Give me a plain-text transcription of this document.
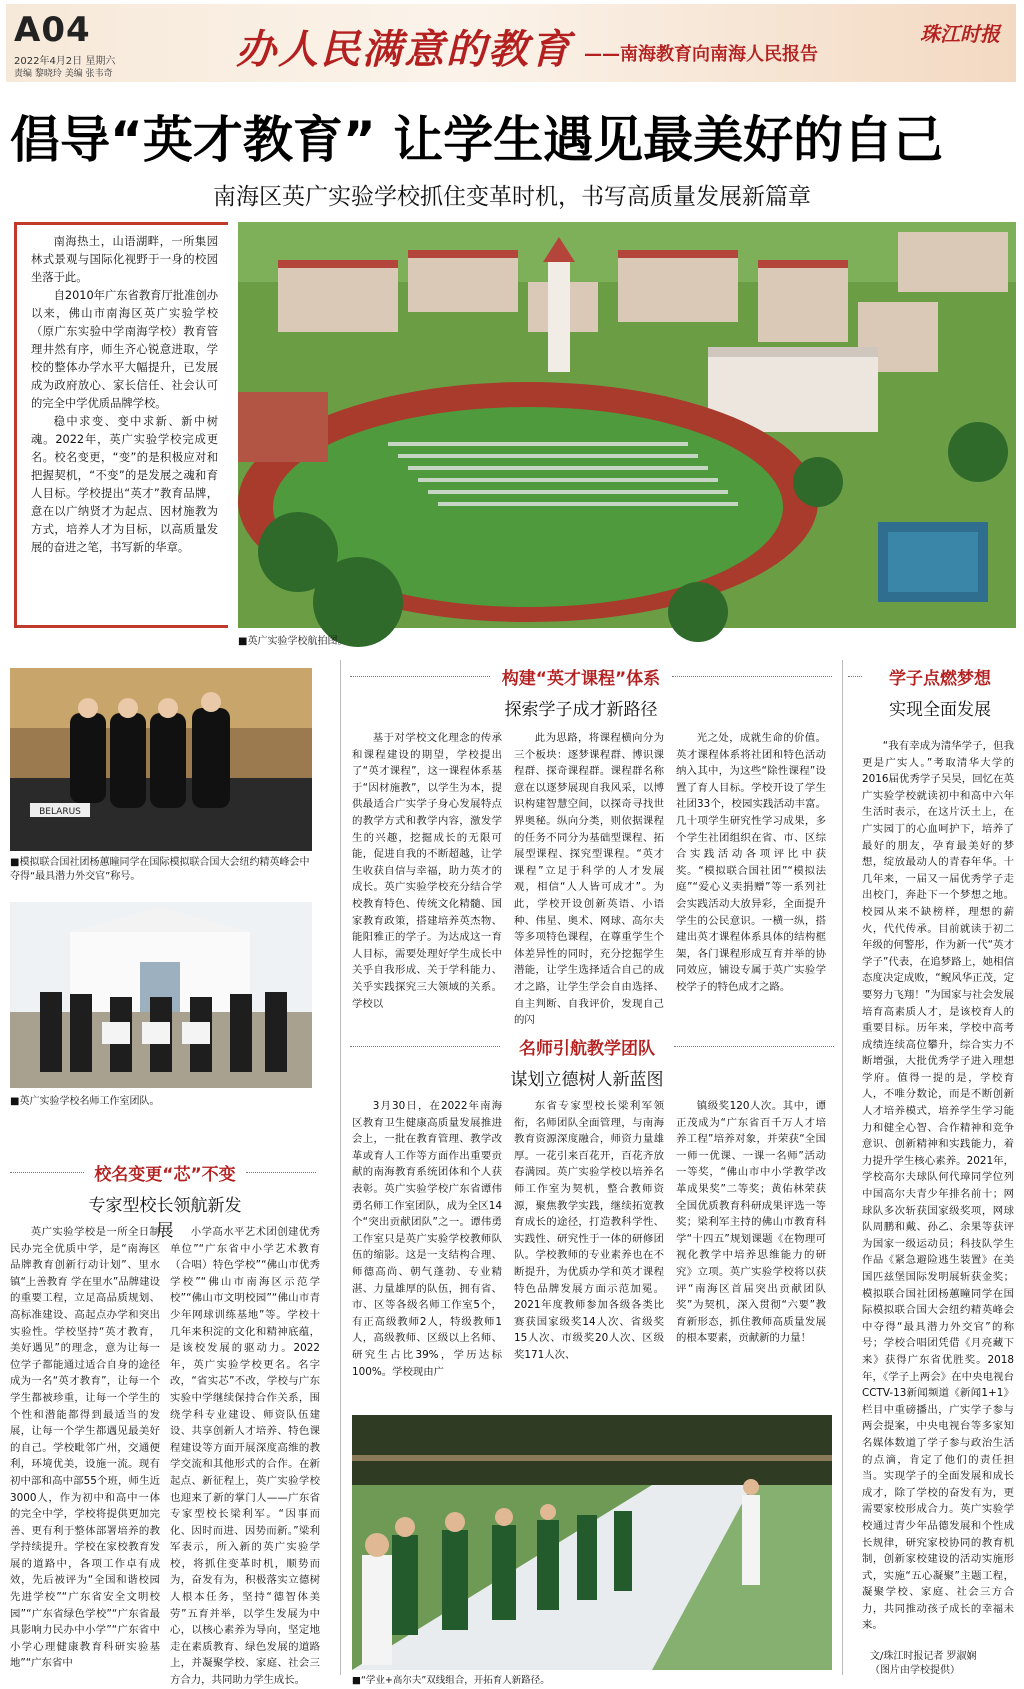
A04
2022年4月2日 星期六
责编 黎晓玲 美编 张韦奇
办人民满意的教育 ——南海教育向南海人民报告
珠江时报
倡导“英才教育” 让学生遇见最美好的自己
南海区英广实验学校抓住变革时机，书写高质量发展新篇章

南海热土，山语湖畔，一所集园林式景观与国际化视野于一身的校园坐落于此。

自2010年广东省教育厅批准创办以来，佛山市南海区英广实验学校（原广东实验中学南海学校）教育管理井然有序，师生齐心锐意进取，学校的整体办学水平大幅提升，已发展成为政府放心、家长信任、社会认可的完全中学优质品牌学校。

稳中求变、变中求新、新中树魂。2022年，英广实验学校完成更名。校名变更，“变”的是积极应对和把握契机，“不变”的是发展之魂和育人目标。学校提出“英才”教育品牌，意在以广纳贤才为起点、因材施教为方式，培养人才为目标，以高质量发展的奋进之笔，书写新的华章。

■英广实验学校航拍图。
BELARUS
■模拟联合国社团杨蕙瞳同学在国际模拟联合国大会纽约精英峰会中夺得“最具潜力外交官”称号。
■英广实验学校名师工作室团队。
构建“英才课程”体系
探索学子成才新路径

基于对学校文化理念的传承和课程建设的期望，学校提出了“英才课程”，这一课程体系基于“因材施教”，以学生为本，提供最适合广实学子身心发展特点的教学方式和教学内容，激发学生的兴趣，挖掘成长的无限可能，促进自我的不断超越，让学生收获自信与幸福，助力英才的成长。英广实验学校充分结合学校教育特色、传统文化精髓、国家教育政策，搭建培养英杰物、能阳雅正的学子。为达成这一育人目标，需要处理好学生成长中关乎自我形成、关于学科能力、关乎实践探究三大领域的关系。学校以

此为思路，将课程横向分为三个板块：逐梦课程群、博识课程群、探奇课程群。课程群名称意在以逐梦展现自我风采，以博识构建智慧空间，以探奇寻找世界奥秘。纵向分类，则依据课程的任务不同分为基础型课程、拓展型课程、探究型课程。“英才课程”立足于科学的人才发展观，相信“人人皆可成才”。为此，学校开设创新英语、小语种、伟星、奥术、网球、高尔夫等多项特色课程，在尊重学生个体差异性的同时，充分挖掘学生潜能，让学生选择适合自己的成才之路，让学生学会自由选择、自主判断、自我评价，发现自己的闪

光之处，成就生命的价值。英才课程体系将社团和特色活动纳入其中，为这些“除性课程”设置了育人目标。学校开设了学生社团33个，校园实践活动丰富。几十项学生研究性学习成果，多个学生社团组织在省、市、区综合实践活动各项评比中获奖。“模拟联合国社团”“模拟法庭”“爱心义卖捐赠”等一系列社会实践活动大放异彩，全面提升学生的公民意识。一横一纵，搭建出英才课程体系具体的结构框架，各门课程形成互育并举的协同效应，铺设专属于英广实验学校学子的特色成才之路。

名师引航教学团队
谋划立德树人新蓝图

3月30日，在2022年南海区教育卫生健康高质量发展推进会上，一批在教育管理、教学改革或育人工作等方面作出重要贡献的南海教育系统团体和个人获表彰。英广实验学校广东省谭伟勇名师工作室团队，成为全区14个“突出贡献团队”之一。谭伟勇工作室只是英广实验学校教师队伍的缩影。这是一支结构合理、师德高尚、朝气蓬勃、专业精湛、力量雄厚的队伍，拥有省、市、区等各级名师工作室5个，有正高级教师2人，特级教师1人，高级教师、区级以上名师、研究生占比39%，学历达标100%。学校现由广

东省专家型校长梁利军领衔，名师团队全面管理，与南海教育资源深度融合，师资力量雄厚。一花引来百花开，百花齐放春满园。英广实验学校以培养名师工作室为契机，整合教师资源，聚焦教学实践，继续拓宽教育成长的途径，打造教科学性、实践性、研究性于一体的研修团队。学校教师的专业素养也在不断提升，为优质办学和英才课程特色品牌发展方面示范加冕。2021年度教师参加各级各类比赛获国家级奖14人次、省级奖15人次、市级奖20人次、区级奖171人次、

镇级奖120人次。其中，谭正茂成为“广东省百千万人才培养工程”培养对象，并荣获“全国一师一优课、一课一名师”活动一等奖，“佛山市中小学教学改革成果奖”二等奖；黄佑林荣获全国优质教育科研成果评选一等奖；梁利军主持的佛山市教育科学“十四五”规划课题《在物理可视化教学中培养思维能力的研究》立项。英广实验学校将以获评“南海区首届突出贡献团队奖”为契机，深入贯彻“六要”教育新形态，抓住教师高质量发展的根本要素，贡献新的力量！

■“学业+高尔夫”双线组合，开拓育人新路径。
学子点燃梦想
实现全面发展

“我有幸成为清华学子，但我更是广实人。”考取清华大学的2016届优秀学子吴昊，回忆在英广实验学校就读初中和高中六年生活时表示，在这片沃土上，在广实园丁的心血呵护下，培养了最好的朋友，孕育最美好的梦想，绽放最动人的青春年华。十几年来，一届又一届优秀学子走出校门，奔赴下一个梦想之地。校园从来不缺榜样，理想的薪火，代代传承。目前就读于初二年级的何警彤，作为新一代“英才学子”代表，在追梦路上，她相信态度决定成败，“鲵风华正茂，定要努力飞翔！”为国家与社会发展培育高素质人才，是该校育人的重要目标。历年来，学校中高考成绩连续高位攀升，综合实力不断增强，大批优秀学子进入理想学府。值得一提的是，学校育人，不唯分数论，而是不断创新人才培养模式，培养学生学习能力和健全心智、合作精神和竞争意识、创新精神和实践能力，着力提升学生核心素养。2021年，学校高尔夫球队何代璋同学位列中国高尔夫青少年排名前十；网球队多次斩获国家级奖项，网球队周鹏和戴、孙乙、余果等获评为国家一级运动员；科技队学生作品《紧急避险逃生装置》在美国匹兹堡国际发明展斩获金奖；模拟联合国社团杨蕙瞳同学在国际模拟联合国大会纽约精英峰会中夺得“最具潜力外交官”的称号；学校合唱团凭借《月亮藏下来》获得广东省优胜奖。2018年，《学子上两会》在中央电视台CCTV-13新闻频道《新闻1+1》栏目中重磅播出，广实学子参与两会提案，中央电视台等多家知名媒体数道了学子参与政治生活的点滴，肯定了他们的责任担当。实现学子的全面发展和成长成才，除了学校的奋发有为，更需要家校形成合力。英广实验学校通过青少年品德发展和个性成长规律，研究家校协同的教育机制，创新家校建设的活动实施形式，实施“五心凝聚”主题工程，凝聚学校、家庭、社会三方合力，共同推动孩子成长的幸福未来。

文/珠江时报记者 罗淑娴
（图片由学校提供）
校名变更“芯”不变
专家型校长领航新发展

英广实验学校是一所全日制民办完全优质中学，是“南海区品牌教育创新行动计划”、里水镇“上善教育 学在里水”品牌建设的重要工程，立足高品质规划、高标准建设、高起点办学和突出实验性。学校坚持“英才教育，美好遇见”的理念，意为让每一位学子都能通过适合自身的途径成为一名“英才教育”，让每一个学生都被珍重，让每一个学生的个性和潜能都得到最适当的发展，让每一个学生都遇见最美好的自己。学校毗邻广州，交通便利，环境优美，设施一流。现有初中部和高中部55个班，师生近3000人，作为初中和高中一体的完全中学，学校将提供更加完善、更有利于整体部署培养的教学持续提升。学校在家校教育发展的道路中，各项工作卓有成效，先后被评为“全国和谐校园先进学校”“广东省安全文明校园”“广东省绿色学校”“广东省最具影响力民办中小学”“广东省中小学心理健康教育科研实验基地”“广东省中

小学高水平艺术团创建优秀单位”“广东省中小学艺术教育（合唱）特色学校”“佛山市优秀学校”“佛山市南海区示范学校”“佛山市文明校园”“佛山市青少年网球训练基地”等。学校十几年来积淀的文化和精神底蕴，是该校发展的驱动力。2022年，英广实验学校更名。名字改，“省实芯”不改，学校与广东实验中学继续保持合作关系，围绕学科专业建设、师资队伍建设、共享创新人才培养、特色课程建设等方面开展深度高维的教学交流和其他形式的合作。在新起点、新征程上，英广实验学校也迎来了新的掌门人——广东省专家型校长梁利军。“因事而化、因时而进、因势而新。”梁利军表示，所入新的英广实验学校，将抓住变革时机，顺势而为，奋发有为，积极落实立德树人根本任务，坚持“德智体美劳”五育并举，以学生发展为中心，以核心素养为导向，坚定地走在素质教育、绿色发展的道路上，并凝聚学校、家庭、社会三方合力，共同助力学生成长。
